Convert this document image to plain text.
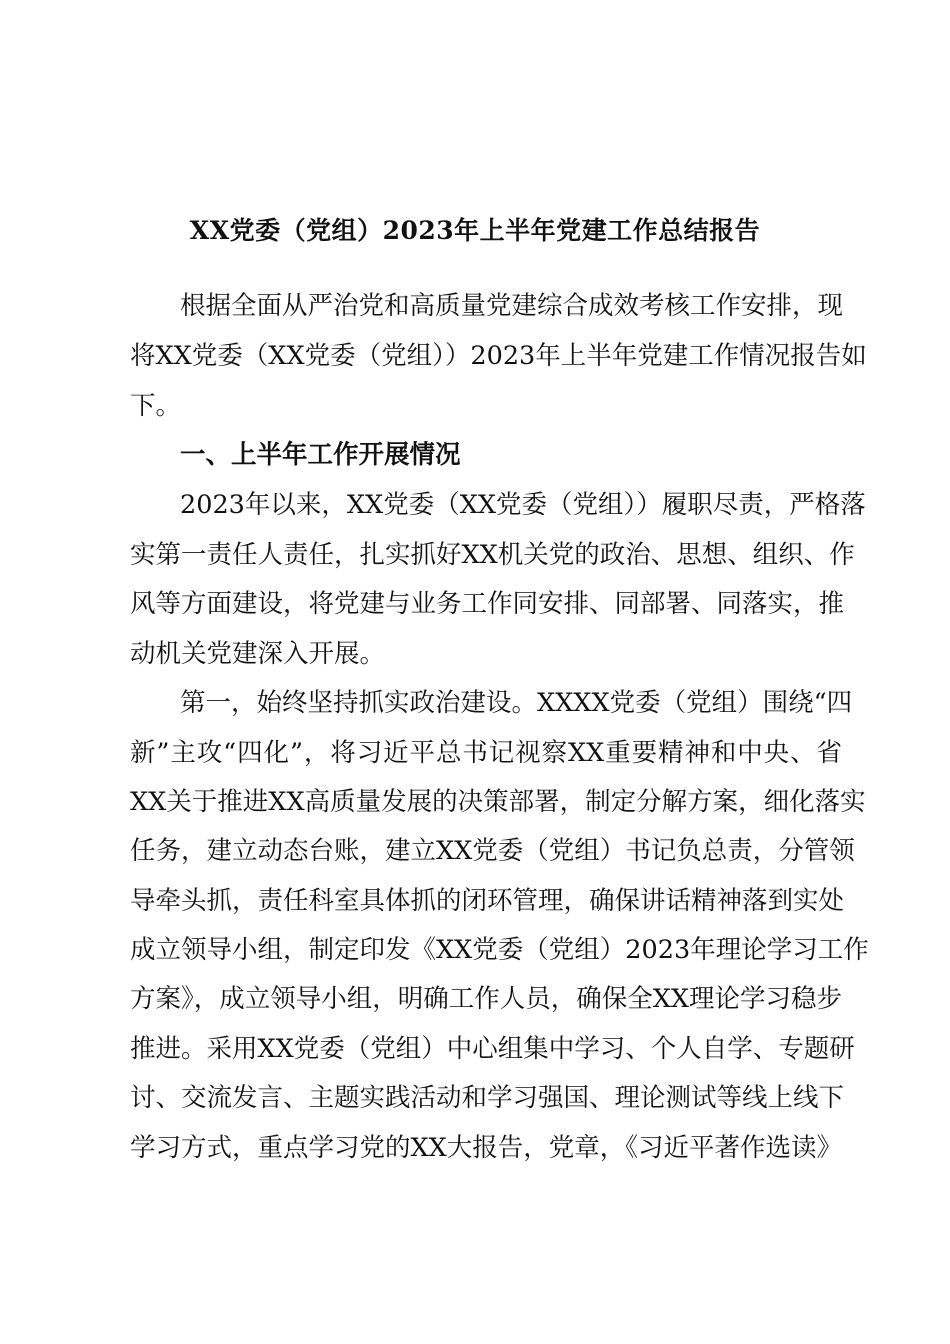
XX党委（党组）2023年上半年党建工作总结报告
根据全面从严治党和高质量党建综合成效考核工作安排，现
将XX党委（XX党委（党组））2023年上半年党建工作情况报告如
下。
一、上半年工作开展情况
2023年以来，XX党委（XX党委（党组））履职尽责，严格落
实第一责任人责任，扎实抓好XX机关党的政治、思想、组织、作
风等方面建设，将党建与业务工作同安排、同部署、同落实，推
动机关党建深入开展。
第一，始终坚持抓实政治建设。XXXX党委（党组）围绕“四
新”主攻“四化”，将习近平总书记视察XX重要精神和中央、省
XX关于推进XX高质量发展的决策部署，制定分解方案，细化落实
任务，建立动态台账，建立XX党委（党组）书记负总责，分管领
导牵头抓，责任科室具体抓的闭环管理，确保讲话精神落到实处
成立领导小组，制定印发《XX党委（党组）2023年理论学习工作
方案》，成立领导小组，明确工作人员，确保全XX理论学习稳步
推进。采用XX党委（党组）中心组集中学习、个人自学、专题研
讨、交流发言、主题实践活动和学习强国、理论测试等线上线下
学习方式，重点学习党的XX大报告，党章，《习近平著作选读》
